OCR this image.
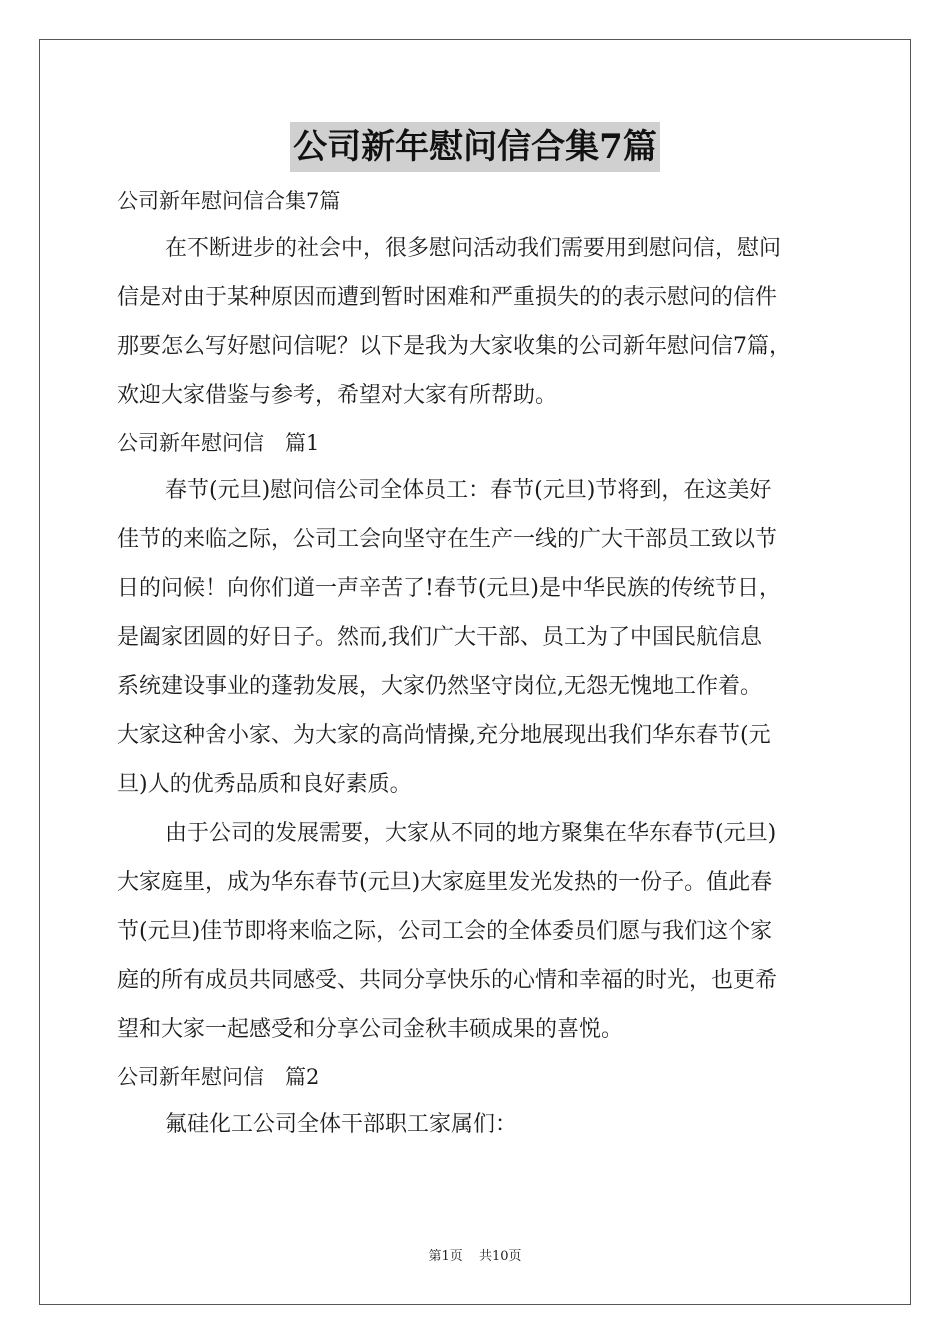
公司新年慰问信合集7篇
公司新年慰问信合集7篇
在不断进步的社会中，很多慰问活动我们需要用到慰问信，慰问
信是对由于某种原因而遭到暂时困难和严重损失的的表示慰问的信件
那要怎么写好慰问信呢？以下是我为大家收集的公司新年慰问信7篇，
欢迎大家借鉴与参考，希望对大家有所帮助。
公司新年慰问信　篇1
春节(元旦)慰问信公司全体员工：春节(元旦)节将到，在这美好
佳节的来临之际，公司工会向坚守在生产一线的广大干部员工致以节
日的问候！向你们道一声辛苦了!春节(元旦)是中华民族的传统节日，
是阖家团圆的好日子。然而,我们广大干部、员工为了中国民航信息
系统建设事业的蓬勃发展，大家仍然坚守岗位,无怨无愧地工作着。
大家这种舍小家、为大家的高尚情操,充分地展现出我们华东春节(元
旦)人的优秀品质和良好素质。
由于公司的发展需要，大家从不同的地方聚集在华东春节(元旦)
大家庭里，成为华东春节(元旦)大家庭里发光发热的一份子。值此春
节(元旦)佳节即将来临之际，公司工会的全体委员们愿与我们这个家
庭的所有成员共同感受、共同分享快乐的心情和幸福的时光，也更希
望和大家一起感受和分享公司金秋丰硕成果的喜悦。
公司新年慰问信　篇2
氟硅化工公司全体干部职工家属们：
第1页 共10页
